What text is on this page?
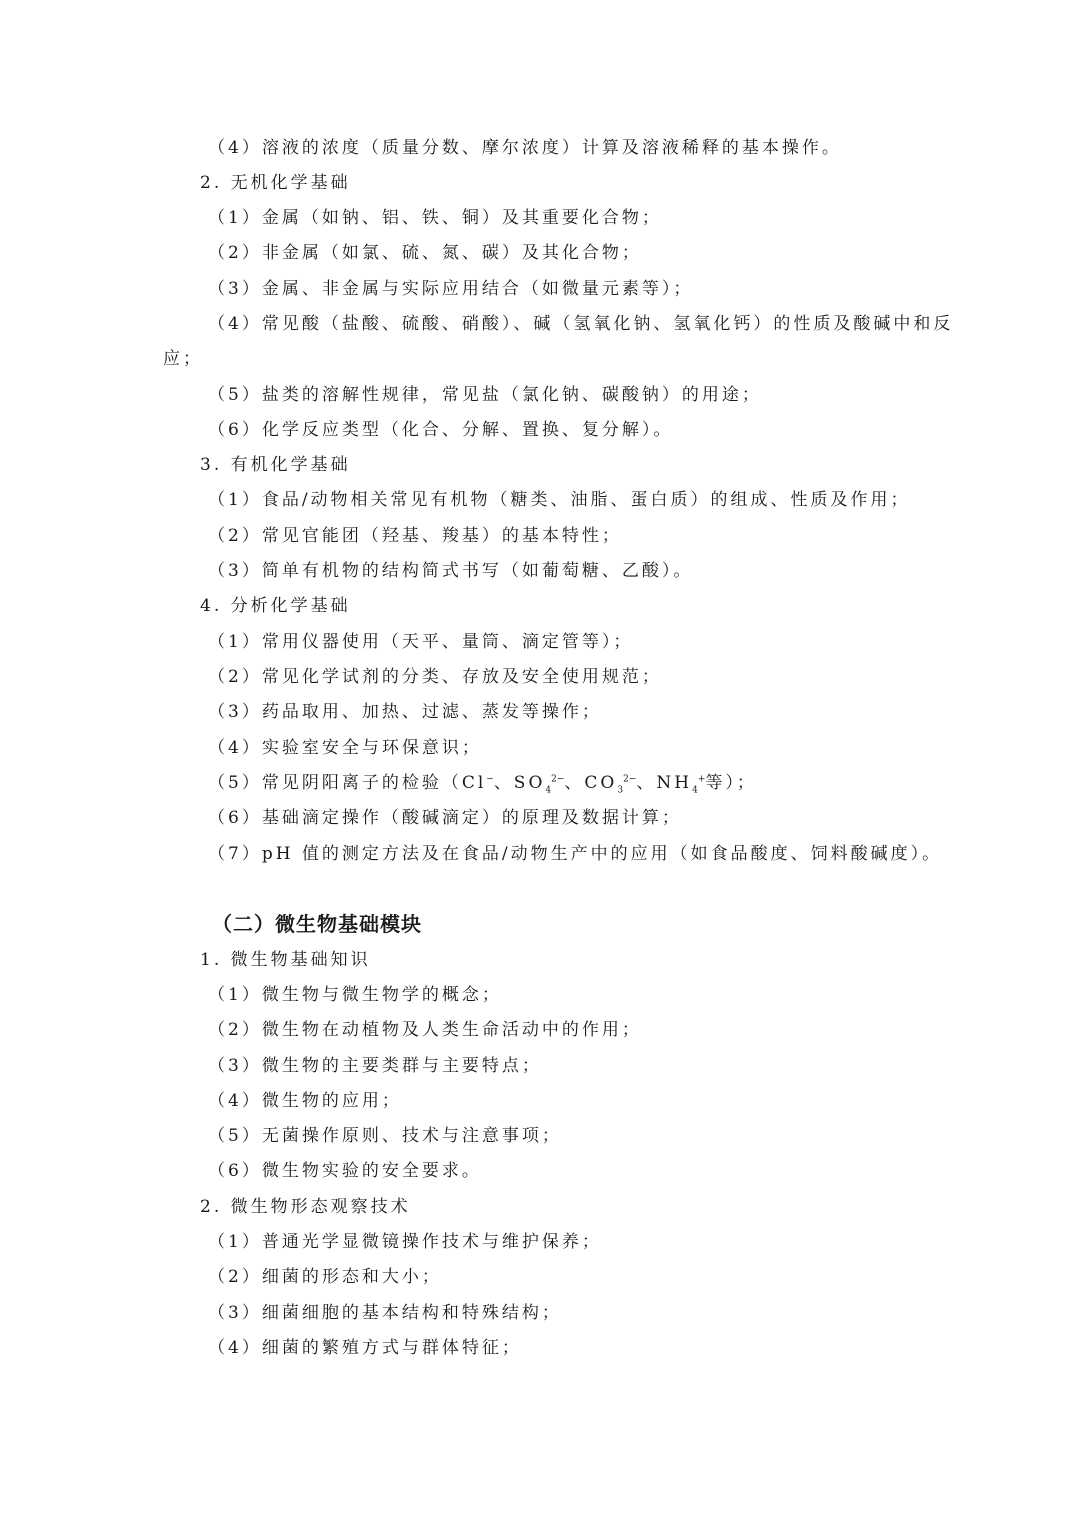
（4）溶液的浓度（质量分数、摩尔浓度）计算及溶液稀释的基本操作。
2. 无机化学基础
（1）金属（如钠、铝、铁、铜）及其重要化合物；
（2）非金属（如氯、硫、氮、碳）及其化合物；
（3）金属、非金属与实际应用结合（如微量元素等）；
（4）常见酸（盐酸、硫酸、硝酸）、碱（氢氧化钠、氢氧化钙）的性质及酸碱中和反
应；
（5）盐类的溶解性规律，常见盐（氯化钠、碳酸钠）的用途；
（6）化学反应类型（化合、分解、置换、复分解）。
3. 有机化学基础
（1）食品/动物相关常见有机物（糖类、油脂、蛋白质）的组成、性质及作用；
（2）常见官能团（羟基、羧基）的基本特性；
（3）简单有机物的结构简式书写（如葡萄糖、乙酸）。
4. 分析化学基础
（1）常用仪器使用（天平、量筒、滴定管等）；
（2）常见化学试剂的分类、存放及安全使用规范；
（3）药品取用、加热、过滤、蒸发等操作；
（4）实验室安全与环保意识；
（5）常见阴阳离子的检验（Cl−、$SO_4^{2-}$、$CO_3^{2-}$、$NH_4^+$等）；
（6）基础滴定操作（酸碱滴定）的原理及数据计算；
（7）pH 值的测定方法及在食品/动物生产中的应用（如食品酸度、饲料酸碱度）。
（二）微生物基础模块
1. 微生物基础知识
（1）微生物与微生物学的概念；
（2）微生物在动植物及人类生命活动中的作用；
（3）微生物的主要类群与主要特点；
（4）微生物的应用；
（5）无菌操作原则、技术与注意事项；
（6）微生物实验的安全要求。
2. 微生物形态观察技术
（1）普通光学显微镜操作技术与维护保养；
（2）细菌的形态和大小；
（3）细菌细胞的基本结构和特殊结构；
（4）细菌的繁殖方式与群体特征；
